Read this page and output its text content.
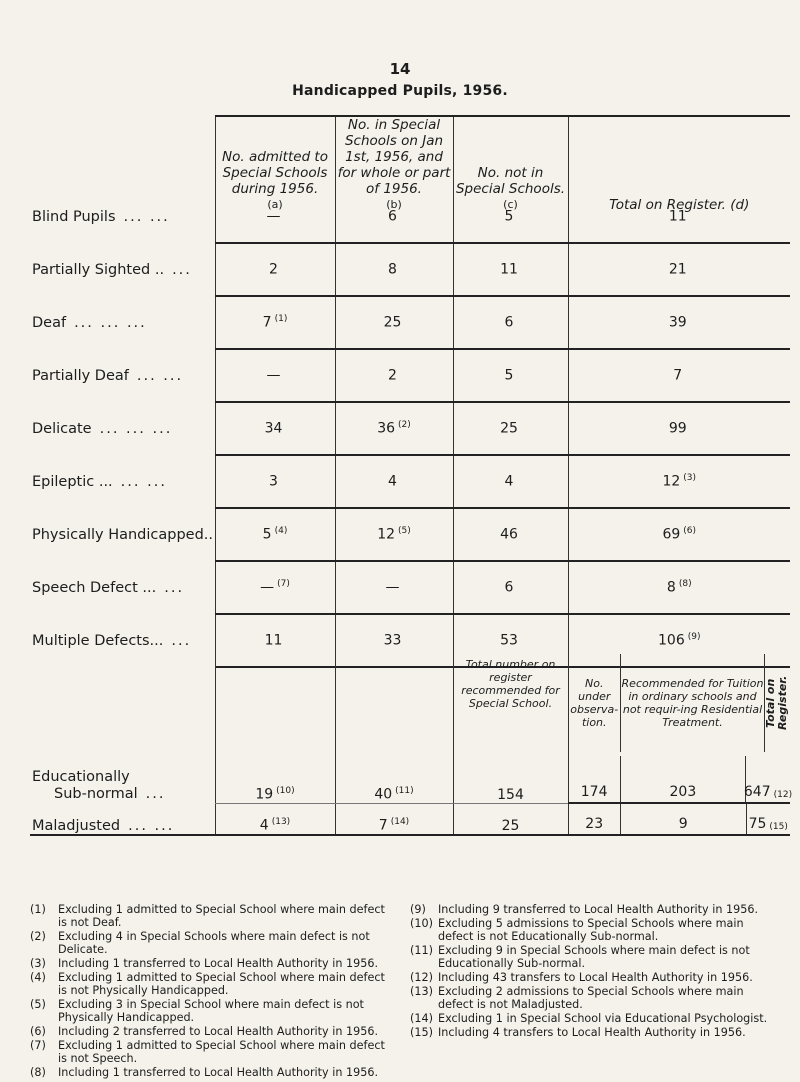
14
Handicapped Pupils, 1956.
	No. admitted to Special Schools during 1956.
(a)
	No. in Special Schools on Jan 1st, 1956, and for whole or part of 1956.
(b)
	No. not in Special Schools.
(c)	Total on Register. (d)
Blind Pupils ... ...	—	6	5	11
Partially Sighted .. ...	2	8	11	21
Deaf ... ... ...	7 $^{(1)}$	25	6	39
Partially Deaf ... ...	—	2	5	7
Delicate ... ... ...	34	36 $^{(2)}$	25	99
Epileptic ... ... ...	3	4	4	12 $^{(3)}$
Physically Handicapped..	5 $^{(4)}$	12 $^{(5)}$	46	69 $^{(6)}$
Speech Defect ... ...	— $^{(7)}$	—	6	8 $^{(8)}$
Multiple Defects... ...	11	33	53	106 $^{(9)}$

Total number on register recommended for Special School.

No. under observa-tion.	Recommended for Tuition in ordinary schools and not requir-ing Residential Treatment.	Total on Register.

Educationally
Sub-normal ...	19 $^{(10)}$	40 $^{(11)}$	154	174	203	647 $_{(12)}$

Maladjusted ... ...	4 $^{(13)}$	7 $^{(14)}$	25	23	9	75 $_{(15)}$
(1)	Excluding 1 admitted to Special School where main defect is not Deaf.
(2)	Excluding 4 in Special Schools where main defect is not Delicate.
(3)	Including 1 transferred to Local Health Authority in 1956.
(4)	Excluding 1 admitted to Special School where main defect is not Physically Handicapped.
(5)	Excluding 3 in Special School where main defect is not Physically Handicapped.
(6)	Including 2 transferred to Local Health Authority in 1956.
(7)	Excluding 1 admitted to Special School where main defect is not Speech.
(8)	Including 1 transferred to Local Health Authority in 1956.
(9)	Including 9 transferred to Local Health Authority in 1956.
(10) Excluding 5 admissions to Special Schools where main defect is not Educationally Sub-normal.
(11) Excluding 9 in Special Schools where main defect is not Educationally Sub-normal.
(12) Including 43 transfers to Local Health Authority in 1956.
(13) Excluding 2 admissions to Special Schools where main defect is not Maladjusted.
(14) Excluding 1 in Special School via Educational Psychologist.
(15) Including 4 transfers to Local Health Authority in 1956.
